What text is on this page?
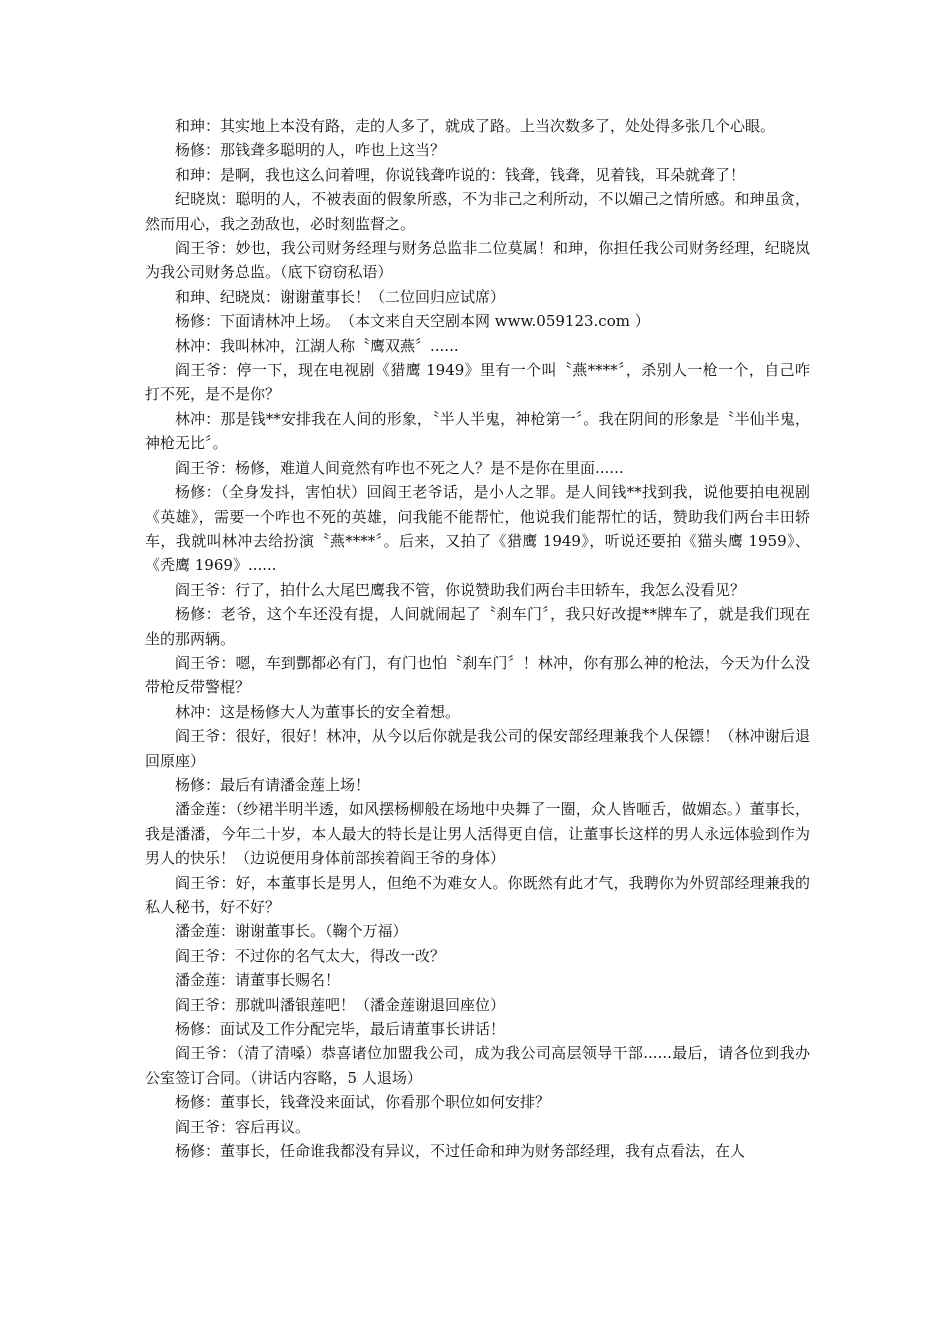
和珅：其实地上本没有路，走的人多了，就成了路。上当次数多了，处处得多张几个心眼。

杨修：那钱聋多聪明的人，咋也上这当？

和珅：是啊，我也这么问着哩，你说钱聋咋说的：钱聋，钱聋，见着钱，耳朵就聋了！

纪晓岚：聪明的人，不被表面的假象所惑，不为非己之利所动，不以媚己之情所感。和珅虽贪，然而用心，我之劲敌也，必时刻监督之。

阎王爷：妙也，我公司财务经理与财务总监非二位莫属！和珅，你担任我公司财务经理，纪晓岚为我公司财务总监。（底下窃窃私语）

和珅、纪晓岚：谢谢董事长！（二位回归应试席）

杨修：下面请林冲上场。　（本文来自天空剧本网 www.059123.com ）

林冲：我叫林冲，江湖人称〝鹰双燕〞......

阎王爷：停一下，现在电视剧《猎鹰 1949》里有一个叫〝燕****〞，杀别人一枪一个，自己咋打不死，是不是你？

林冲：那是钱**安排我在人间的形象，〝半人半鬼，神枪第一〞。我在阴间的形象是〝半仙半鬼，神枪无比〞。

阎王爷：杨修，难道人间竟然有咋也不死之人？是不是你在里面......

杨修：（全身发抖，害怕状）回阎王老爷话，是小人之罪。是人间钱**找到我，说他要拍电视剧《英雄》，需要一个咋也不死的英雄，问我能不能帮忙，他说我们能帮忙的话，赞助我们两台丰田轿车，我就叫林冲去给扮演〝燕****〞。后来，又拍了《猎鹰 1949》，听说还要拍《猫头鹰 1959》、《秃鹰 1969》......

阎王爷：行了，拍什么大尾巴鹰我不管，你说赞助我们两台丰田轿车，我怎么没看见？

杨修：老爷，这个车还没有提，人间就闹起了〝刹车门〞，我只好改提**牌车了，就是我们现在坐的那两辆。

阎王爷：嗯，车到酆都必有门，有门也怕〝刹车门〞！林冲，你有那么神的枪法，今天为什么没带枪反带警棍？

林冲：这是杨修大人为董事长的安全着想。

阎王爷：很好，很好！林冲，从今以后你就是我公司的保安部经理兼我个人保镖！（林冲谢后退回原座）

杨修：最后有请潘金莲上场！

潘金莲：（纱裙半明半透，如风摆杨柳般在场地中央舞了一圈，众人皆咂舌，做媚态。）董事长，我是潘潘，今年二十岁，本人最大的特长是让男人活得更自信，让董事长这样的男人永远体验到作为男人的快乐！（边说便用身体前部挨着阎王爷的身体）

阎王爷：好，本董事长是男人，但绝不为难女人。你既然有此才气，我聘你为外贸部经理兼我的私人秘书，好不好？

潘金莲：谢谢董事长。（鞠个万福）

阎王爷：不过你的名气太大，得改一改？

潘金莲：请董事长赐名！

阎王爷：那就叫潘银莲吧！（潘金莲谢退回座位）

杨修：面试及工作分配完毕，最后请董事长讲话！

阎王爷：（清了清嗓）恭喜诸位加盟我公司，成为我公司高层领导干部......最后，请各位到我办公室签订合同。（讲话内容略，5 人退场）

杨修：董事长，钱聋没来面试，你看那个职位如何安排？

阎王爷：容后再议。

杨修：董事长，任命谁我都没有异议，不过任命和珅为财务部经理，我有点看法，在人
